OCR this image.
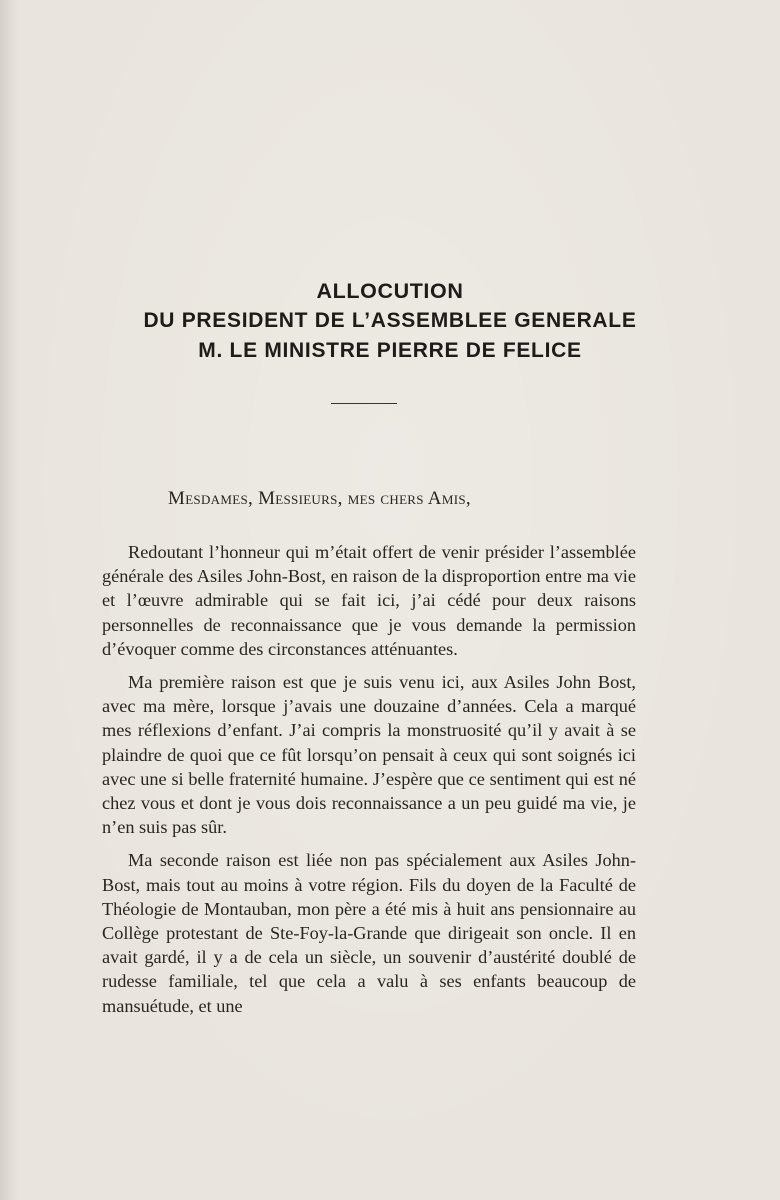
ALLOCUTION
DU PRESIDENT DE L’ASSEMBLEE GENERALE
M. LE MINISTRE PIERRE DE FELICE
Mesdames, Messieurs, mes chers Amis,

Redoutant l’honneur qui m’était offert de venir présider l’assemblée générale des Asiles John-Bost, en raison de la disproportion entre ma vie et l’œuvre admirable qui se fait ici, j’ai cédé pour deux raisons personnelles de reconnaissance que je vous demande la permission d’évoquer comme des circonstances atténuantes.

Ma première raison est que je suis venu ici, aux Asiles John Bost, avec ma mère, lorsque j’avais une douzaine d’années. Cela a marqué mes réflexions d’enfant. J’ai compris la monstruosité qu’il y avait à se plaindre de quoi que ce fût lorsqu’on pensait à ceux qui sont soignés ici avec une si belle fraternité humaine. J’espère que ce sentiment qui est né chez vous et dont je vous dois reconnaissance a un peu guidé ma vie, je n’en suis pas sûr.

Ma seconde raison est liée non pas spécialement aux Asiles John-Bost, mais tout au moins à votre région. Fils du doyen de la Faculté de Théologie de Montauban, mon père a été mis à huit ans pensionnaire au Collège protestant de Ste-Foy-la-Grande que dirigeait son oncle. Il en avait gardé, il y a de cela un siècle, un souvenir d’austérité doublé de rudesse familiale, tel que cela a valu à ses enfants beaucoup de mansuétude, et une
